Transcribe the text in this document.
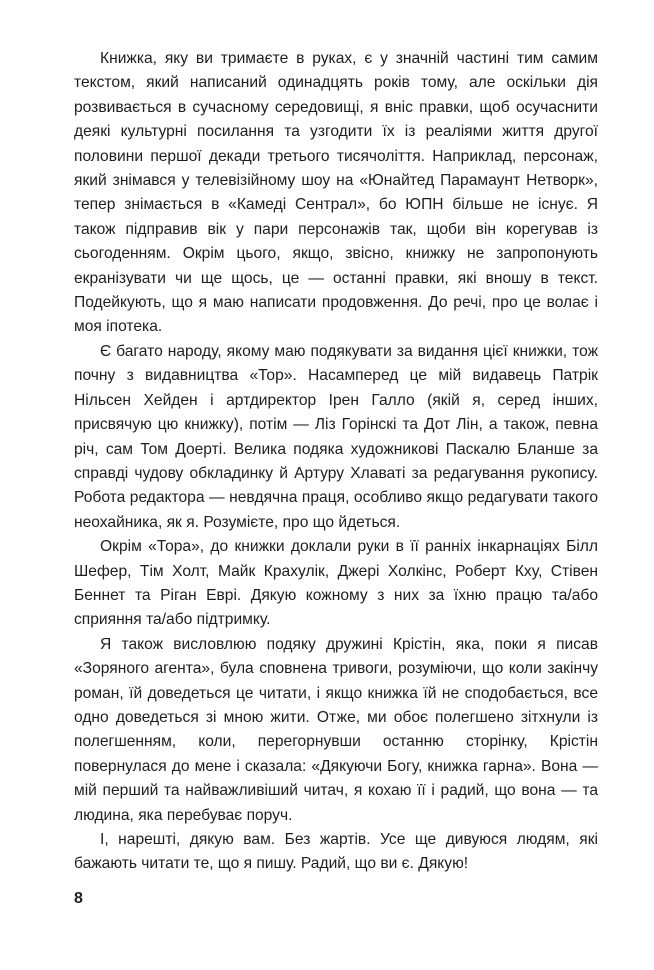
Книжка, яку ви тримаєте в руках, є у значній частині тим самим текстом, який написаний одинадцять років тому, але оскільки дія розвивається в сучасному середовищі, я вніс правки, щоб осучаснити деякі культурні посилання та узгодити їх із реаліями життя другої половини першої декади третього тисячоліття. Наприклад, персонаж, який знімався у телевізійному шоу на «Юнайтед Парамаунт Нетворк», тепер знімається в «Камеді Сентрал», бо ЮПН більше не існує. Я також підправив вік у пари персонажів так, щоби він корегував із сьогоденням. Окрім цього, якщо, звісно, книжку не запропонують екранізувати чи ще щось, це — останні правки, які вношу в текст. Подейкують, що я маю написати продовження. До речі, про це волає і моя іпотека.

Є багато народу, якому маю подякувати за видання цієї книжки, тож почну з видавництва «Тор». Насамперед це мій видавець Патрік Нільсен Хейден і артдиректор Ірен Галло (якій я, серед інших, присвячую цю книжку), потім — Ліз Горінскі та Дот Лін, а також, певна річ, сам Том Доерті. Велика подяка художникові Паскалю Бланше за справді чудову обкладинку й Артуру Хлаваті за редагування рукопису. Робота редактора — невдячна праця, особливо якщо редагувати такого неохайника, як я. Розумієте, про що йдеться.

Окрім «Тора», до книжки доклали руки в її ранніх інкарнаціях Білл Шефер, Тім Холт, Майк Крахулік, Джері Холкінс, Роберт Кху, Стівен Беннет та Ріган Еврі. Дякую кожному з них за їхню працю та/або сприяння та/або підтримку.

Я також висловлюю подяку дружині Крістін, яка, поки я писав «Зоряного агента», була сповнена тривоги, розуміючи, що коли закінчу роман, їй доведеться це читати, і якщо книжка їй не сподобається, все одно доведеться зі мною жити. Отже, ми обоє полегшено зітхнули із полегшенням, коли, перегорнувши останню сторінку, Крістін повернулася до мене і сказала: «Дякуючи Богу, книжка гарна». Вона — мій перший та найважливіший читач, я кохаю її і радий, що вона — та людина, яка перебуває поруч.

І, нарешті, дякую вам. Без жартів. Усе ще дивуюся людям, які бажають читати те, що я пишу. Радий, що ви є. Дякую!

8
